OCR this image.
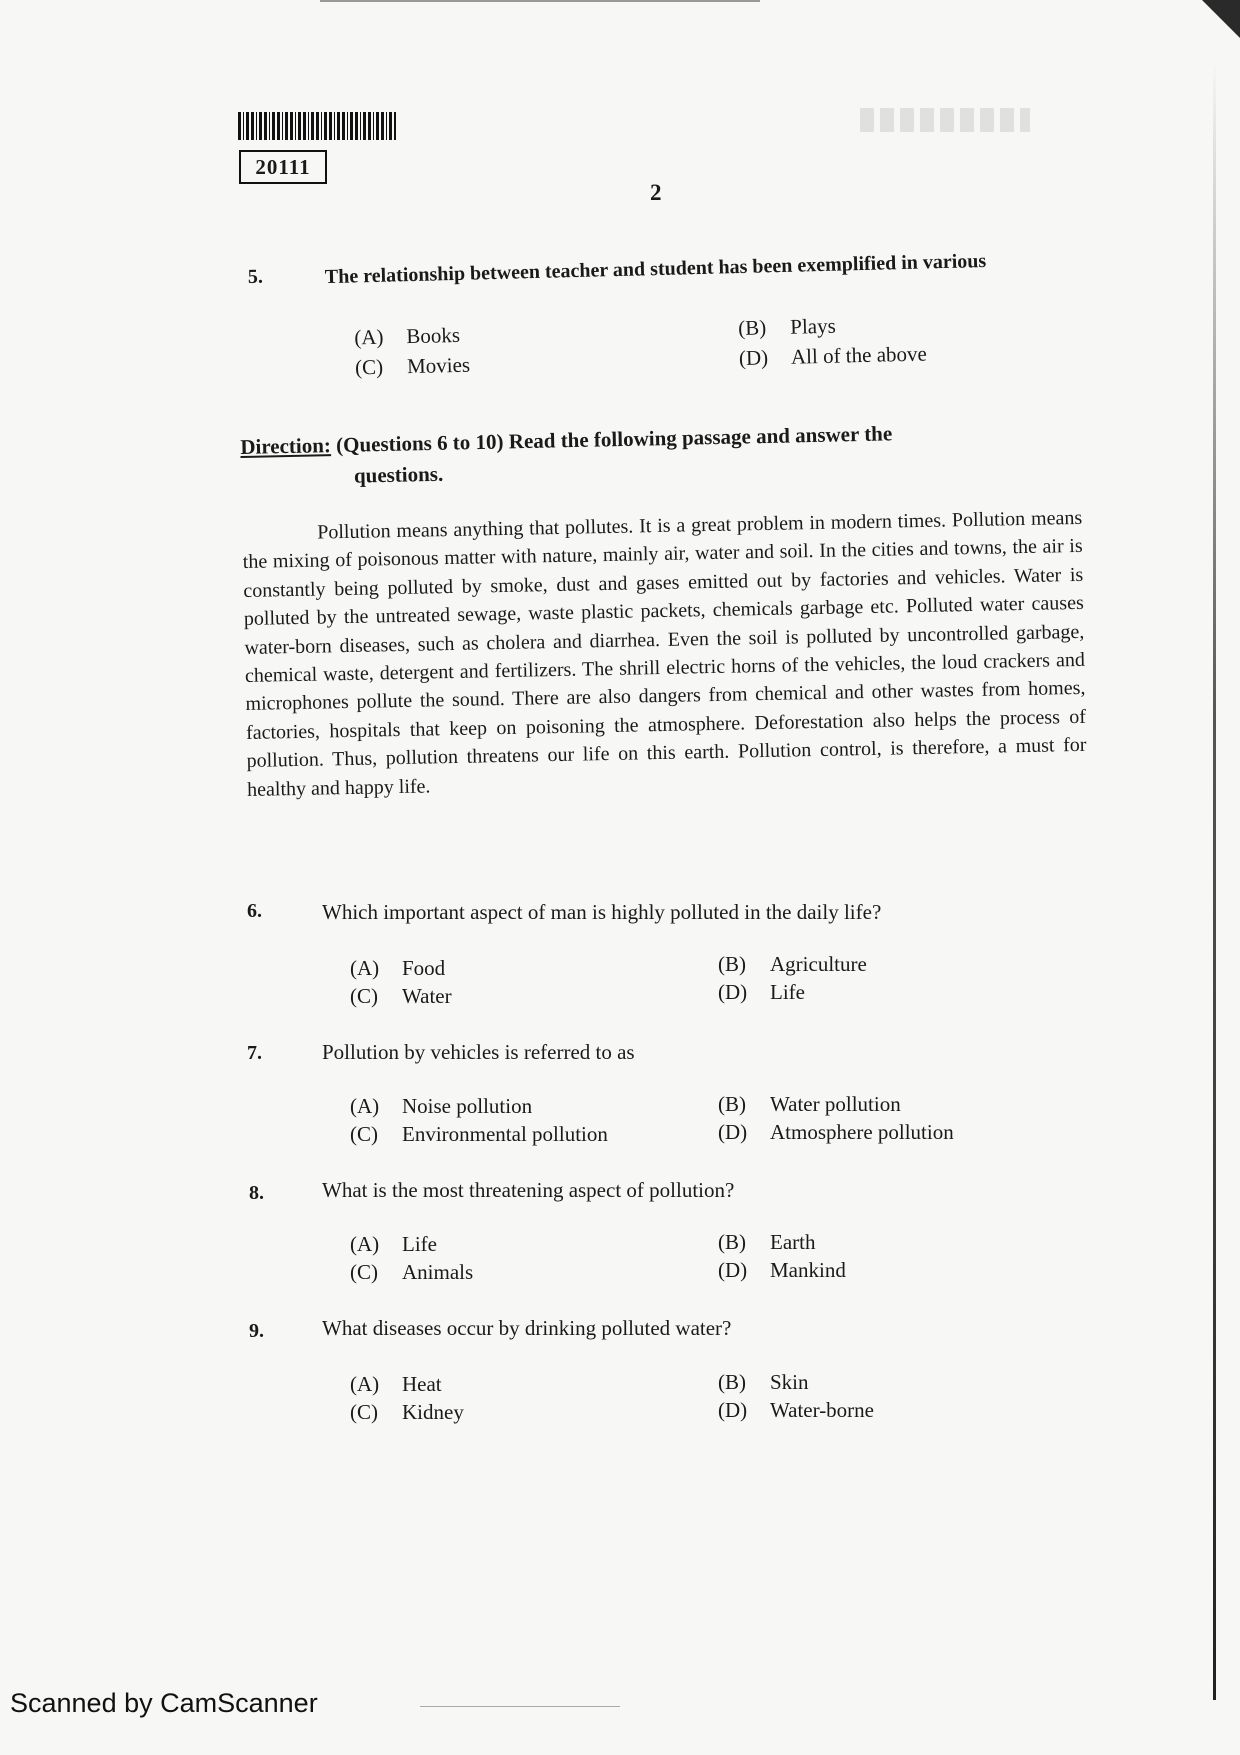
20111
2
5.	The relationship between teacher and student has been exemplified in various
(A) Books	(B) Plays
(C) Movies	(D) All of the above
Direction: (Questions 6 to 10) Read the following passage and answer the
questions.
Pollution means anything that pollutes. It is a great problem in modern times. Pollution means the mixing of poisonous matter with nature, mainly air, water and soil. In the cities and towns, the air is constantly being polluted by smoke, dust and gases emitted out by factories and vehicles. Water is polluted by the untreated sewage, waste plastic packets, chemicals garbage etc. Polluted water causes water-born diseases, such as cholera and diarrhea. Even the soil is polluted by uncontrolled garbage, chemical waste, detergent and fertilizers. The shrill electric horns of the vehicles, the loud crackers and microphones pollute the sound. There are also dangers from chemical and other wastes from homes, factories, hospitals that keep on poisoning the atmosphere. Deforestation also helps the process of pollution. Thus, pollution threatens our life on this earth. Pollution control, is therefore, a must for healthy and happy life.
6.	Which important aspect of man is highly polluted in the daily life?
(A) Food	(B) Agriculture
(C) Water	(D) Life
7.	Pollution by vehicles is referred to as
(A) Noise pollution	(B) Water pollution
(C) Environmental pollution	(D) Atmosphere pollution
8.	What is the most threatening aspect of pollution?
(A) Life	(B) Earth
(C) Animals	(D) Mankind
9.	What diseases occur by drinking polluted water?
(A) Heat	(B) Skin
(C) Kidney	(D) Water-borne
Scanned by CamScanner
